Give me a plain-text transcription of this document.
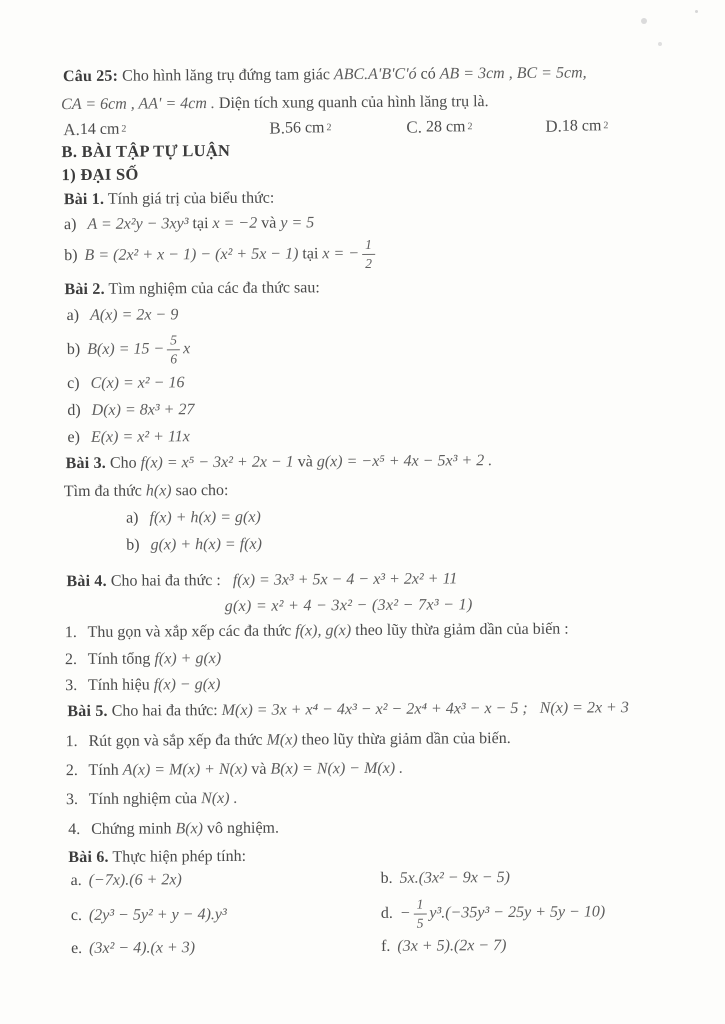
Câu 25: Cho hình lăng trụ đứng tam giác ABC.A'B'C'ó có AB = 3cm , BC = 5cm,
CA = 6cm , AA' = 4cm . Diện tích xung quanh của hình lăng trụ là.
A. 14 cm 2	B. 56 cm 2	C. 28 cm 2	D. 18 cm 2
B. BÀI TẬP TỰ LUẬN
1) ĐẠI SỐ
Bài 1. Tính giá trị của biểu thức:
a) A = 2x²y − 3xy³ tại x = −2 và y = 5
b) B = (2x² + x − 1) − (x² + 5x − 1) tại x = − $\frac{1}{2}$
Bài 2. Tìm nghiệm của các đa thức sau:
a) A(x) = 2x − 9
b) $B(x) = 15 - \frac{5}{6}$ x
c) C(x) = x² − 16
d) D(x) = 8x³ + 27
e) E(x) = x² + 11x
Bài 3. Cho f(x) = x⁵ − 3x² + 2x − 1 và g(x) = −x⁵ + 4x − 5x³ + 2 .
Tìm đa thức h(x) sao cho:
a) f(x) + h(x) = g(x)
b) g(x) + h(x) = f(x)
Bài 4. Cho hai đa thức : f(x) = 3x³ + 5x − 4 − x³ + 2x² + 11
g(x) = x² + 4 − 3x² − (3x² − 7x³ − 1)
1. Thu gọn và xắp xếp các đa thức f(x), g(x) theo lũy thừa giảm dần của biến :
2. Tính tổng f(x) + g(x)
3. Tính hiệu f(x) − g(x)
Bài 5. Cho hai đa thức: M(x) = 3x + x⁴ − 4x³ − x² − 2x⁴ + 4x³ − x − 5 ; N(x) = 2x + 3
1. Rút gọn và sắp xếp đa thức M(x) theo lũy thừa giảm dần của biến.
2. Tính A(x) = M(x) + N(x) và B(x) = N(x) − M(x) .
3. Tính nghiệm của N(x) .
4. Chứng minh B(x) vô nghiệm.
Bài 6. Thực hiện phép tính:
a. (−7x).(6 + 2x)	b. 5x.(3x² − 9x − 5)
c. (2y³ − 5y² + y − 4).y³	d. − $\frac{1}{5} y^3.(-35y^3 - 25y + 5y - 10)$
e. (3x² − 4).(x + 3)	f. (3x + 5).(2x − 7)
